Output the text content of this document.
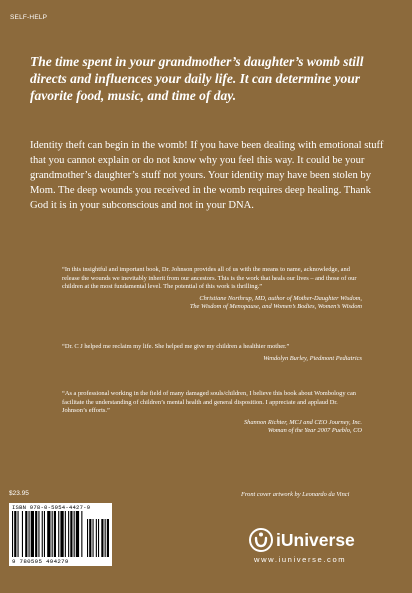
SELF-HELP
The time spent in your grandmother’s daughter’s womb still directs and influences your daily life. It can determine your favorite food, music, and time of day.
Identity theft can begin in the womb! If you have been dealing with emotional stuff that you cannot explain or do not know why you feel this way. It could be your grandmother’s daughter’s stuff not yours. Your identity may have been stolen by Mom. The deep wounds you received in the womb requires deep healing. Thank God it is in your subconscious and not in your DNA.

“In this insightful and important book, Dr. Johnson provides all of us with the means to name, acknowledge, and release the wounds we inevitably inherit from our ancestors. This is the work that heals our lives – and those of our children at the most fundamental level. The potential of this work is thrilling.”

Christiane Northrup, MD, author of Mother-Daughter Wisdom,
The Wisdom of Menopause, and Women’s Bodies, Women’s Wisdom

“Dr. C J helped me reclaim my life. She helped me give my children a healthier mother.”

Wendolyn Burley, Piedmont Pediatrics

“As a professional working in the field of many damaged souls/children, I believe this book about Wombology can facilitate the understanding of children’s mental health and general disposition. I appreciate and applaud Dr. Johnson’s efforts.”

Shannon Richter, MCJ and CEO Journey, Inc.
Woman of the Year 2007 Pueblo, CO
$23.95
ISBN 978-0-5954-4427-9
9 780595 494279
Front cover artwork by Leonardo da Vinci
iUniverse
www.iuniverse.com
